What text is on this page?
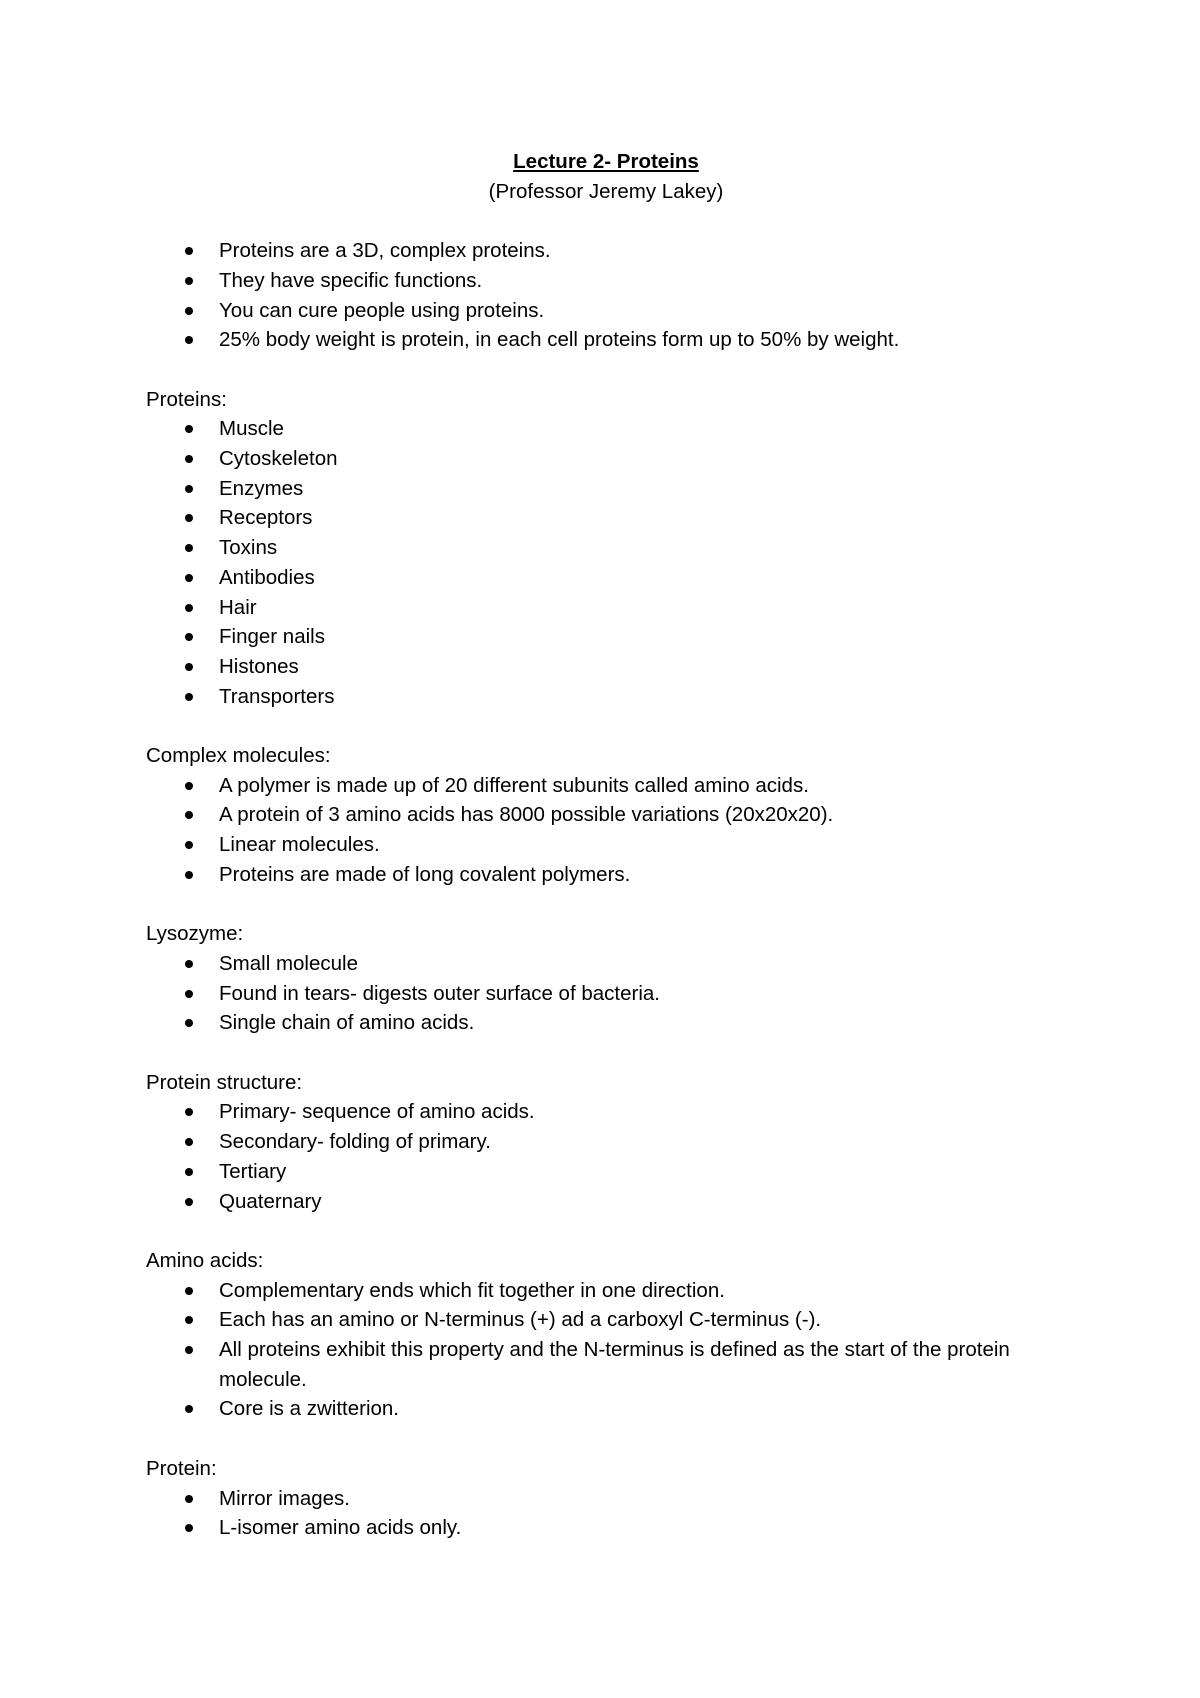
Lecture 2- Proteins

(Professor Jeremy Lakey)

Proteins are a 3D, complex proteins.
They have specific functions.
You can cure people using proteins.
25% body weight is protein, in each cell proteins form up to 50% by weight.

Proteins:

Muscle
Cytoskeleton
Enzymes
Receptors
Toxins
Antibodies
Hair
Finger nails
Histones
Transporters

Complex molecules:

A polymer is made up of 20 different subunits called amino acids.
A protein of 3 amino acids has 8000 possible variations (20x20x20).
Linear molecules.
Proteins are made of long covalent polymers.

Lysozyme:

Small molecule
Found in tears- digests outer surface of bacteria.
Single chain of amino acids.

Protein structure:

Primary- sequence of amino acids.
Secondary- folding of primary.
Tertiary
Quaternary

Amino acids:

Complementary ends which fit together in one direction.
Each has an amino or N-terminus (+) ad a carboxyl C-terminus (-).
All proteins exhibit this property and the N-terminus is defined as the start of the protein molecule.
Core is a zwitterion.

Protein:

Mirror images.
L-isomer amino acids only.
